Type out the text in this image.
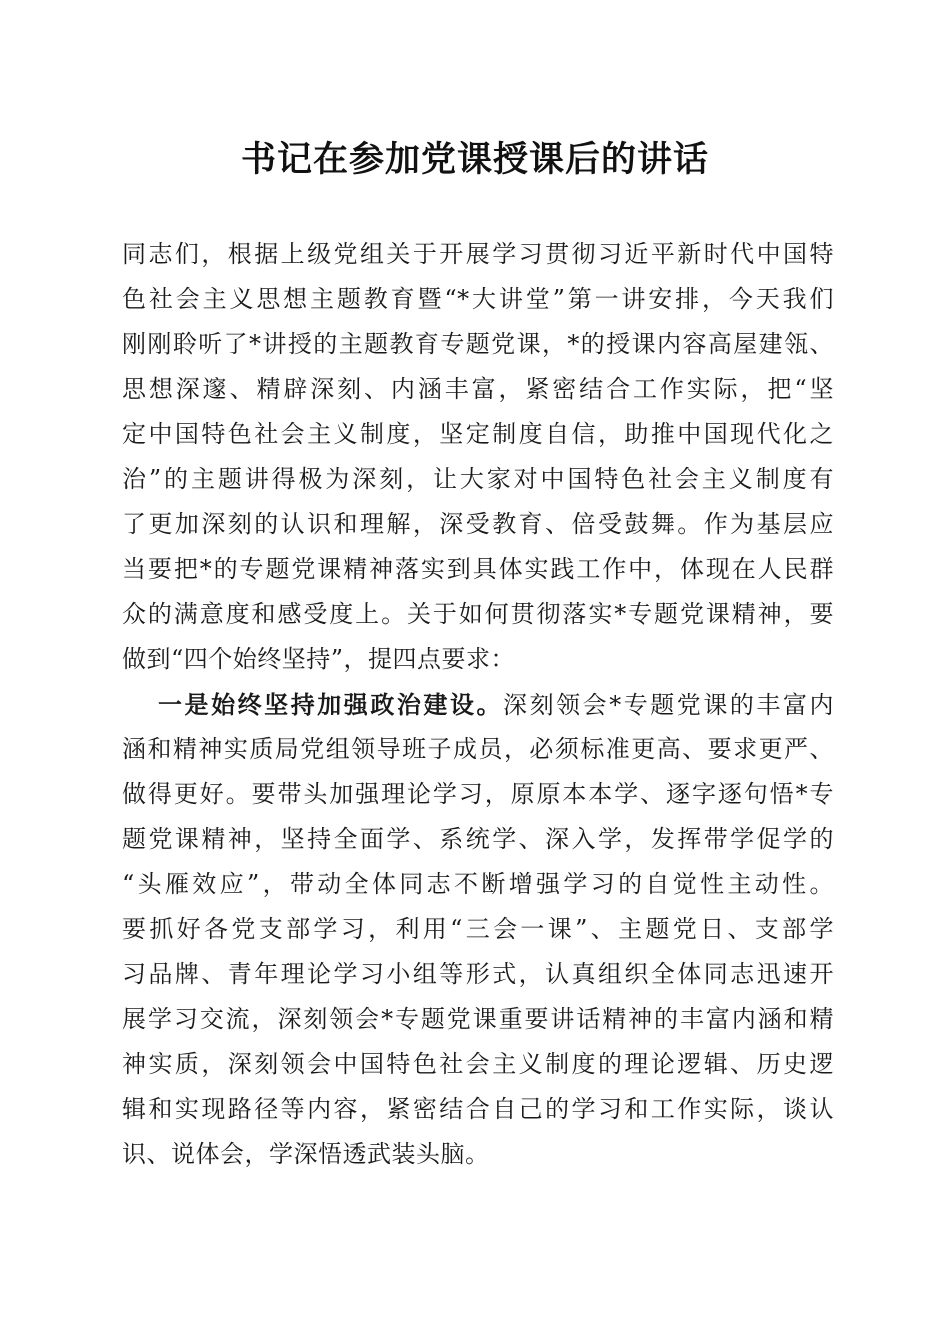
书记在参加党课授课后的讲话
同志们，根据上级党组关于开展学习贯彻习近平新时代中国特
色社会主义思想主题教育暨“*大讲堂”第一讲安排，今天我们
刚刚聆听了*讲授的主题教育专题党课，*的授课内容高屋建瓴、
思想深邃、精辟深刻、内涵丰富，紧密结合工作实际，把“坚
定中国特色社会主义制度，坚定制度自信，助推中国现代化之
治”的主题讲得极为深刻，让大家对中国特色社会主义制度有
了更加深刻的认识和理解，深受教育、倍受鼓舞。作为基层应
当要把*的专题党课精神落实到具体实践工作中，体现在人民群
众的满意度和感受度上。关于如何贯彻落实*专题党课精神，要
做到“四个始终坚持”，提四点要求：
一是始终坚持加强政治建设。深刻领会*专题党课的丰富内
涵和精神实质局党组领导班子成员，必须标准更高、要求更严、
做得更好。要带头加强理论学习，原原本本学、逐字逐句悟*专
题党课精神，坚持全面学、系统学、深入学，发挥带学促学的
“头雁效应”，带动全体同志不断增强学习的自觉性主动性。
要抓好各党支部学习，利用“三会一课”、主题党日、支部学
习品牌、青年理论学习小组等形式，认真组织全体同志迅速开
展学习交流，深刻领会*专题党课重要讲话精神的丰富内涵和精
神实质，深刻领会中国特色社会主义制度的理论逻辑、历史逻
辑和实现路径等内容，紧密结合自己的学习和工作实际，谈认
识、说体会，学深悟透武装头脑。
